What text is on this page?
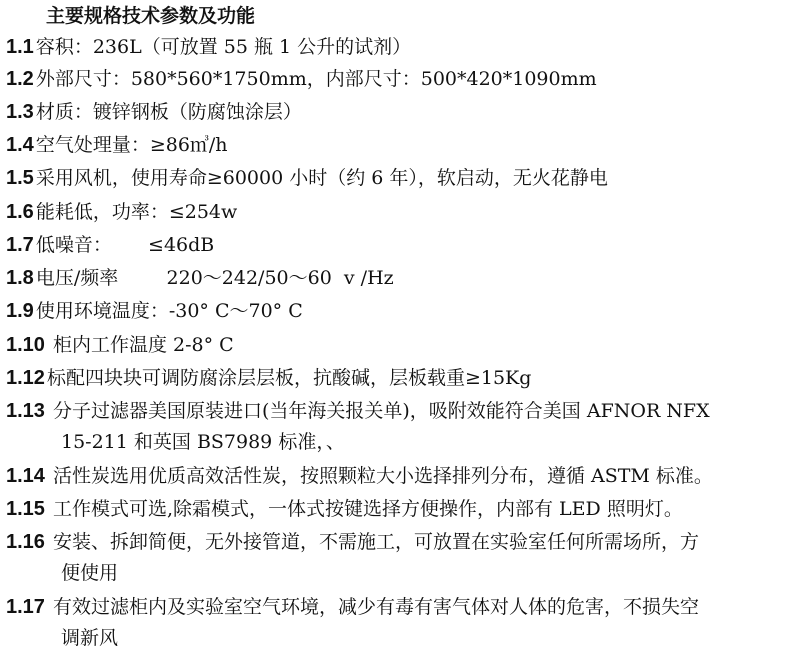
主要规格技术参数及功能
1.1 容积：236L（可放置 55 瓶 1 公升的试剂）
1.2 外部尺寸：580*560*1750mm，内部尺寸：500*420*1090mm
1.3 材质：镀锌钢板（防腐蚀涂层）
1.4 空气处理量：≥86㎥/h
1.5 采用风机，使用寿命≥60000 小时（约 6 年），软启动，无火花静电
1.6 能耗低，功率：≤254w
1.7 低噪音：      ≤46dB
1.8 电压/频率        220～242/50～60  v /Hz
1.9 使用环境温度：-30° C～70° C
1.10 柜内工作温度 2-8° C
1.12 标配四块块可调防腐涂层层板，抗酸碱，层板载重≥15Kg
1.13 分子过滤器美国原装进口(当年海关报关单)，吸附效能符合美国 AFNOR NFX
15-211 和英国 BS7989 标准，、
1.14 活性炭选用优质高效活性炭，按照颗粒大小选择排列分布，遵循 ASTM 标准。
1.15 工作模式可选,除霜模式，一体式按键选择方便操作，内部有 LED 照明灯。
1.16 安装、拆卸简便，无外接管道，不需施工，可放置在实验室任何所需场所，方
便使用
1.17 有效过滤柜内及实验室空气环境，减少有毒有害气体对人体的危害，不损失空
调新风
